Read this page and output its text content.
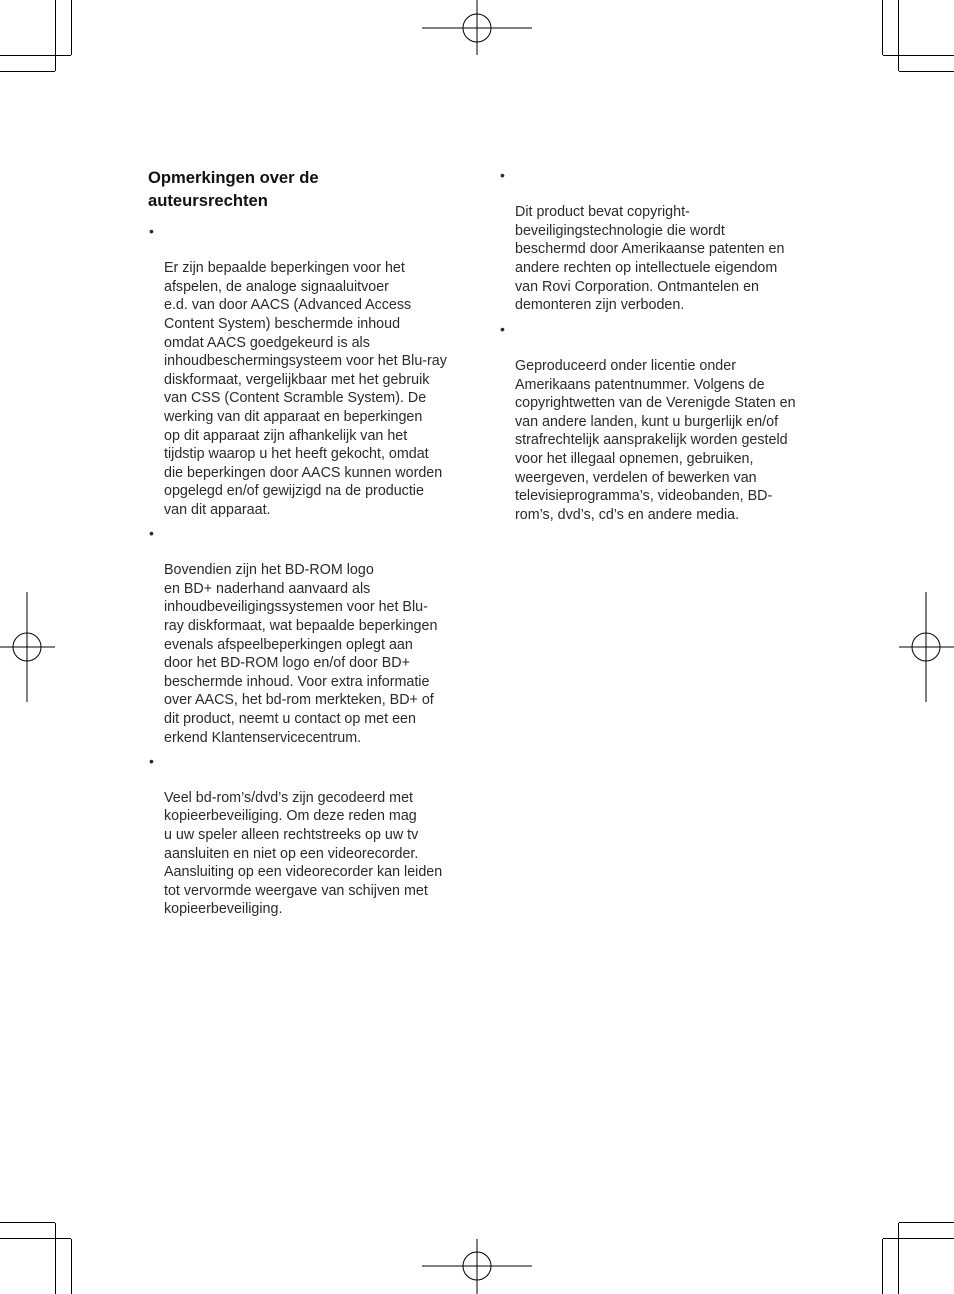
Opmerkingen over de
auteursrechten

•

Er zijn bepaalde beperkingen voor het
afspelen, de analoge signaaluitvoer
e.d. van door AACS (Advanced Access
Content System) beschermde inhoud
omdat AACS goedgekeurd is als
inhoudbeschermingsysteem voor het Blu-ray
diskformaat, vergelijkbaar met het gebruik
van CSS (Content Scramble System). De
werking van dit apparaat en beperkingen
op dit apparaat zijn afhankelijk van het
tijdstip waarop u het heeft gekocht, omdat
die beperkingen door AACS kunnen worden
opgelegd en/of gewijzigd na de productie
van dit apparaat.

•

Bovendien zijn het BD-ROM logo
en BD+ naderhand aanvaard als
inhoudbeveiligingssystemen voor het Blu-
ray diskformaat, wat bepaalde beperkingen
evenals afspeelbeperkingen oplegt aan
door het BD-ROM logo en/of door BD+
beschermde inhoud. Voor extra informatie
over AACS, het bd-rom merkteken, BD+ of
dit product, neemt u contact op met een
erkend Klantenservicecentrum.

•

Veel bd-rom’s/dvd’s zijn gecodeerd met
kopieerbeveiliging. Om deze reden mag
u uw speler alleen rechtstreeks op uw tv
aansluiten en niet op een videorecorder.
Aansluiting op een videorecorder kan leiden
tot vervormde weergave van schijven met
kopieerbeveiliging.

•

Dit product bevat copyright-
beveiligingstechnologie die wordt
beschermd door Amerikaanse patenten en
andere rechten op intellectuele eigendom
van Rovi Corporation. Ontmantelen en
demonteren zijn verboden.

•

Geproduceerd onder licentie onder
Amerikaans patentnummer. Volgens de
copyrightwetten van de Verenigde Staten en
van andere landen, kunt u burgerlijk en/of
strafrechtelijk aansprakelijk worden gesteld
voor het illegaal opnemen, gebruiken,
weergeven, verdelen of bewerken van
televisieprogramma’s, videobanden, BD-
rom’s, dvd’s, cd’s en andere media.
